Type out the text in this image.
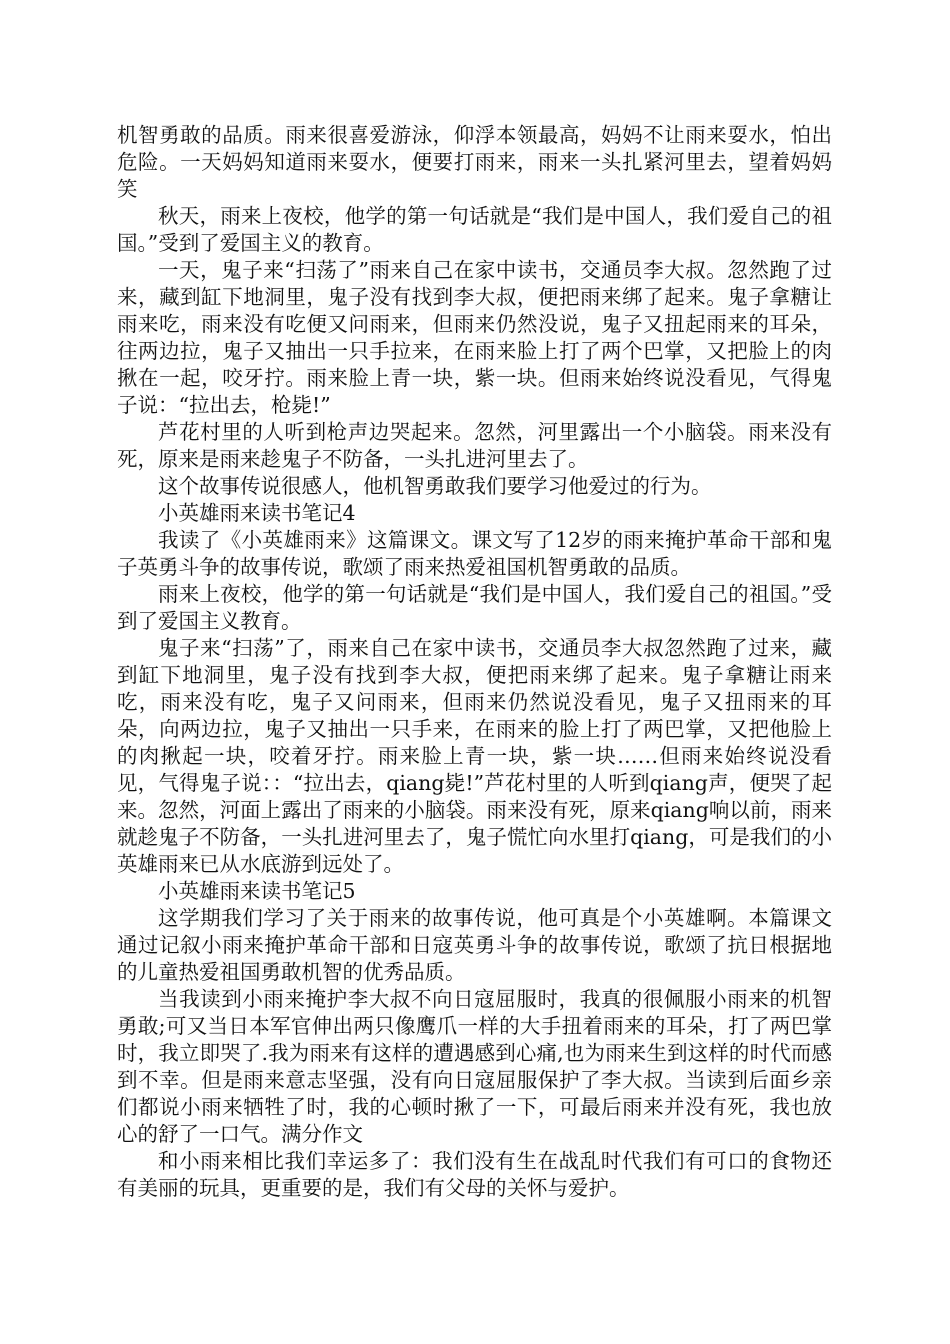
机智勇敢的品质。雨来很喜爱游泳，仰浮本领最高，妈妈不让雨来耍水，怕出危险。一天妈妈知道雨来耍水，便要打雨来，雨来一头扎紧河里去，望着妈妈笑

秋天，雨来上夜校，他学的第一句话就是“我们是中国人，我们爱自己的祖国。”受到了爱国主义的教育。

一天，鬼子来“扫荡了”雨来自己在家中读书，交通员李大叔。忽然跑了过来，藏到缸下地洞里，鬼子没有找到李大叔，便把雨来绑了起来。鬼子拿糖让雨来吃，雨来没有吃便又问雨来，但雨来仍然没说，鬼子又扭起雨来的耳朵，往两边拉，鬼子又抽出一只手拉来，在雨来脸上打了两个巴掌，又把脸上的肉揪在一起，咬牙拧。雨来脸上青一块，紫一块。但雨来始终说没看见，气得鬼子说：“拉出去，枪毙!”

芦花村里的人听到枪声边哭起来。忽然，河里露出一个小脑袋。雨来没有死，原来是雨来趁鬼子不防备，一头扎进河里去了。

这个故事传说很感人，他机智勇敢我们要学习他爱过的行为。

小英雄雨来读书笔记4

我读了《小英雄雨来》这篇课文。课文写了12岁的雨来掩护革命干部和鬼子英勇斗争的故事传说，歌颂了雨来热爱祖国机智勇敢的品质。

雨来上夜校，他学的第一句话就是“我们是中国人，我们爱自己的祖国。”受到了爱国主义教育。

鬼子来“扫荡”了，雨来自己在家中读书，交通员李大叔忽然跑了过来，藏到缸下地洞里，鬼子没有找到李大叔，便把雨来绑了起来。鬼子拿糖让雨来吃，雨来没有吃，鬼子又问雨来，但雨来仍然说没看见，鬼子又扭雨来的耳朵，向两边拉，鬼子又抽出一只手来，在雨来的脸上打了两巴掌，又把他脸上的肉揪起一块，咬着牙拧。雨来脸上青一块，紫一块……但雨来始终说没看见，气得鬼子说：：“拉出去，qiang毙!”芦花村里的人听到qiang声，便哭了起来。忽然，河面上露出了雨来的小脑袋。雨来没有死，原来qiang响以前，雨来就趁鬼子不防备，一头扎进河里去了，鬼子慌忙向水里打qiang，可是我们的小英雄雨来已从水底游到远处了。

小英雄雨来读书笔记5

这学期我们学习了关于雨来的故事传说，他可真是个小英雄啊。本篇课文通过记叙小雨来掩护革命干部和日寇英勇斗争的故事传说，歌颂了抗日根据地的儿童热爱祖国勇敢机智的优秀品质。

当我读到小雨来掩护李大叔不向日寇屈服时，我真的很佩服小雨来的机智勇敢;可又当日本军官伸出两只像鹰爪一样的大手扭着雨来的耳朵，打了两巴掌时，我立即哭了.我为雨来有这样的遭遇感到心痛,也为雨来生到这样的时代而感到不幸。但是雨来意志坚强，没有向日寇屈服保护了李大叔。当读到后面乡亲们都说小雨来牺牲了时，我的心顿时揪了一下，可最后雨来并没有死，我也放心的舒了一口气。满分作文

和小雨来相比我们幸运多了：我们没有生在战乱时代我们有可口的食物还有美丽的玩具，更重要的是，我们有父母的关怀与爱护。
